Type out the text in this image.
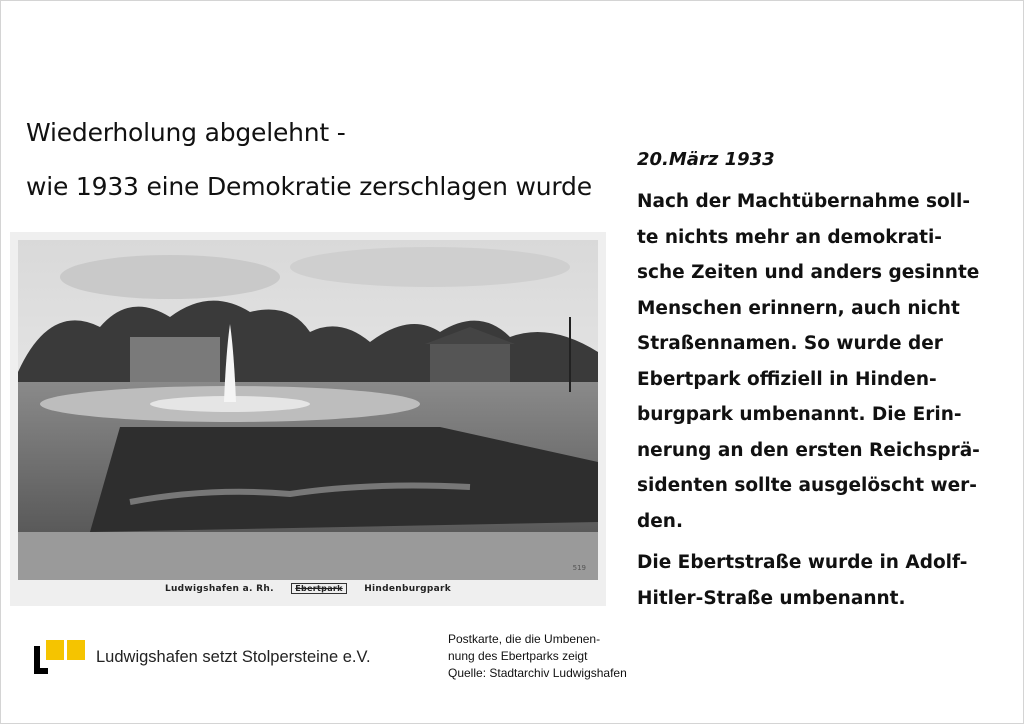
Wiederholung abgelehnt -
wie 1933 eine Demokratie zerschlagen wurde
519
Ludwigshafen a. Rh.	Ebertpark Hindenburgpark
20.März 1933

Nach der Machtübernahme soll-
te nichts mehr an demokrati-
sche Zeiten und anders gesinnte
Menschen erinnern, auch nicht
Straßennamen. So wurde der
Ebertpark offiziell in Hinden-
burgpark umbenannt. Die Erin-
nerung an den ersten Reichsprä-
sidenten sollte ausgelöscht wer-
den.

Die Ebertstraße wurde in Adolf-
Hitler-Straße umbenannt.

Ludwigshafen setzt Stolpersteine e.V.
Postkarte, die die Umbenen-
nung des Ebertparks zeigt
Quelle: Stadtarchiv Ludwigshafen
